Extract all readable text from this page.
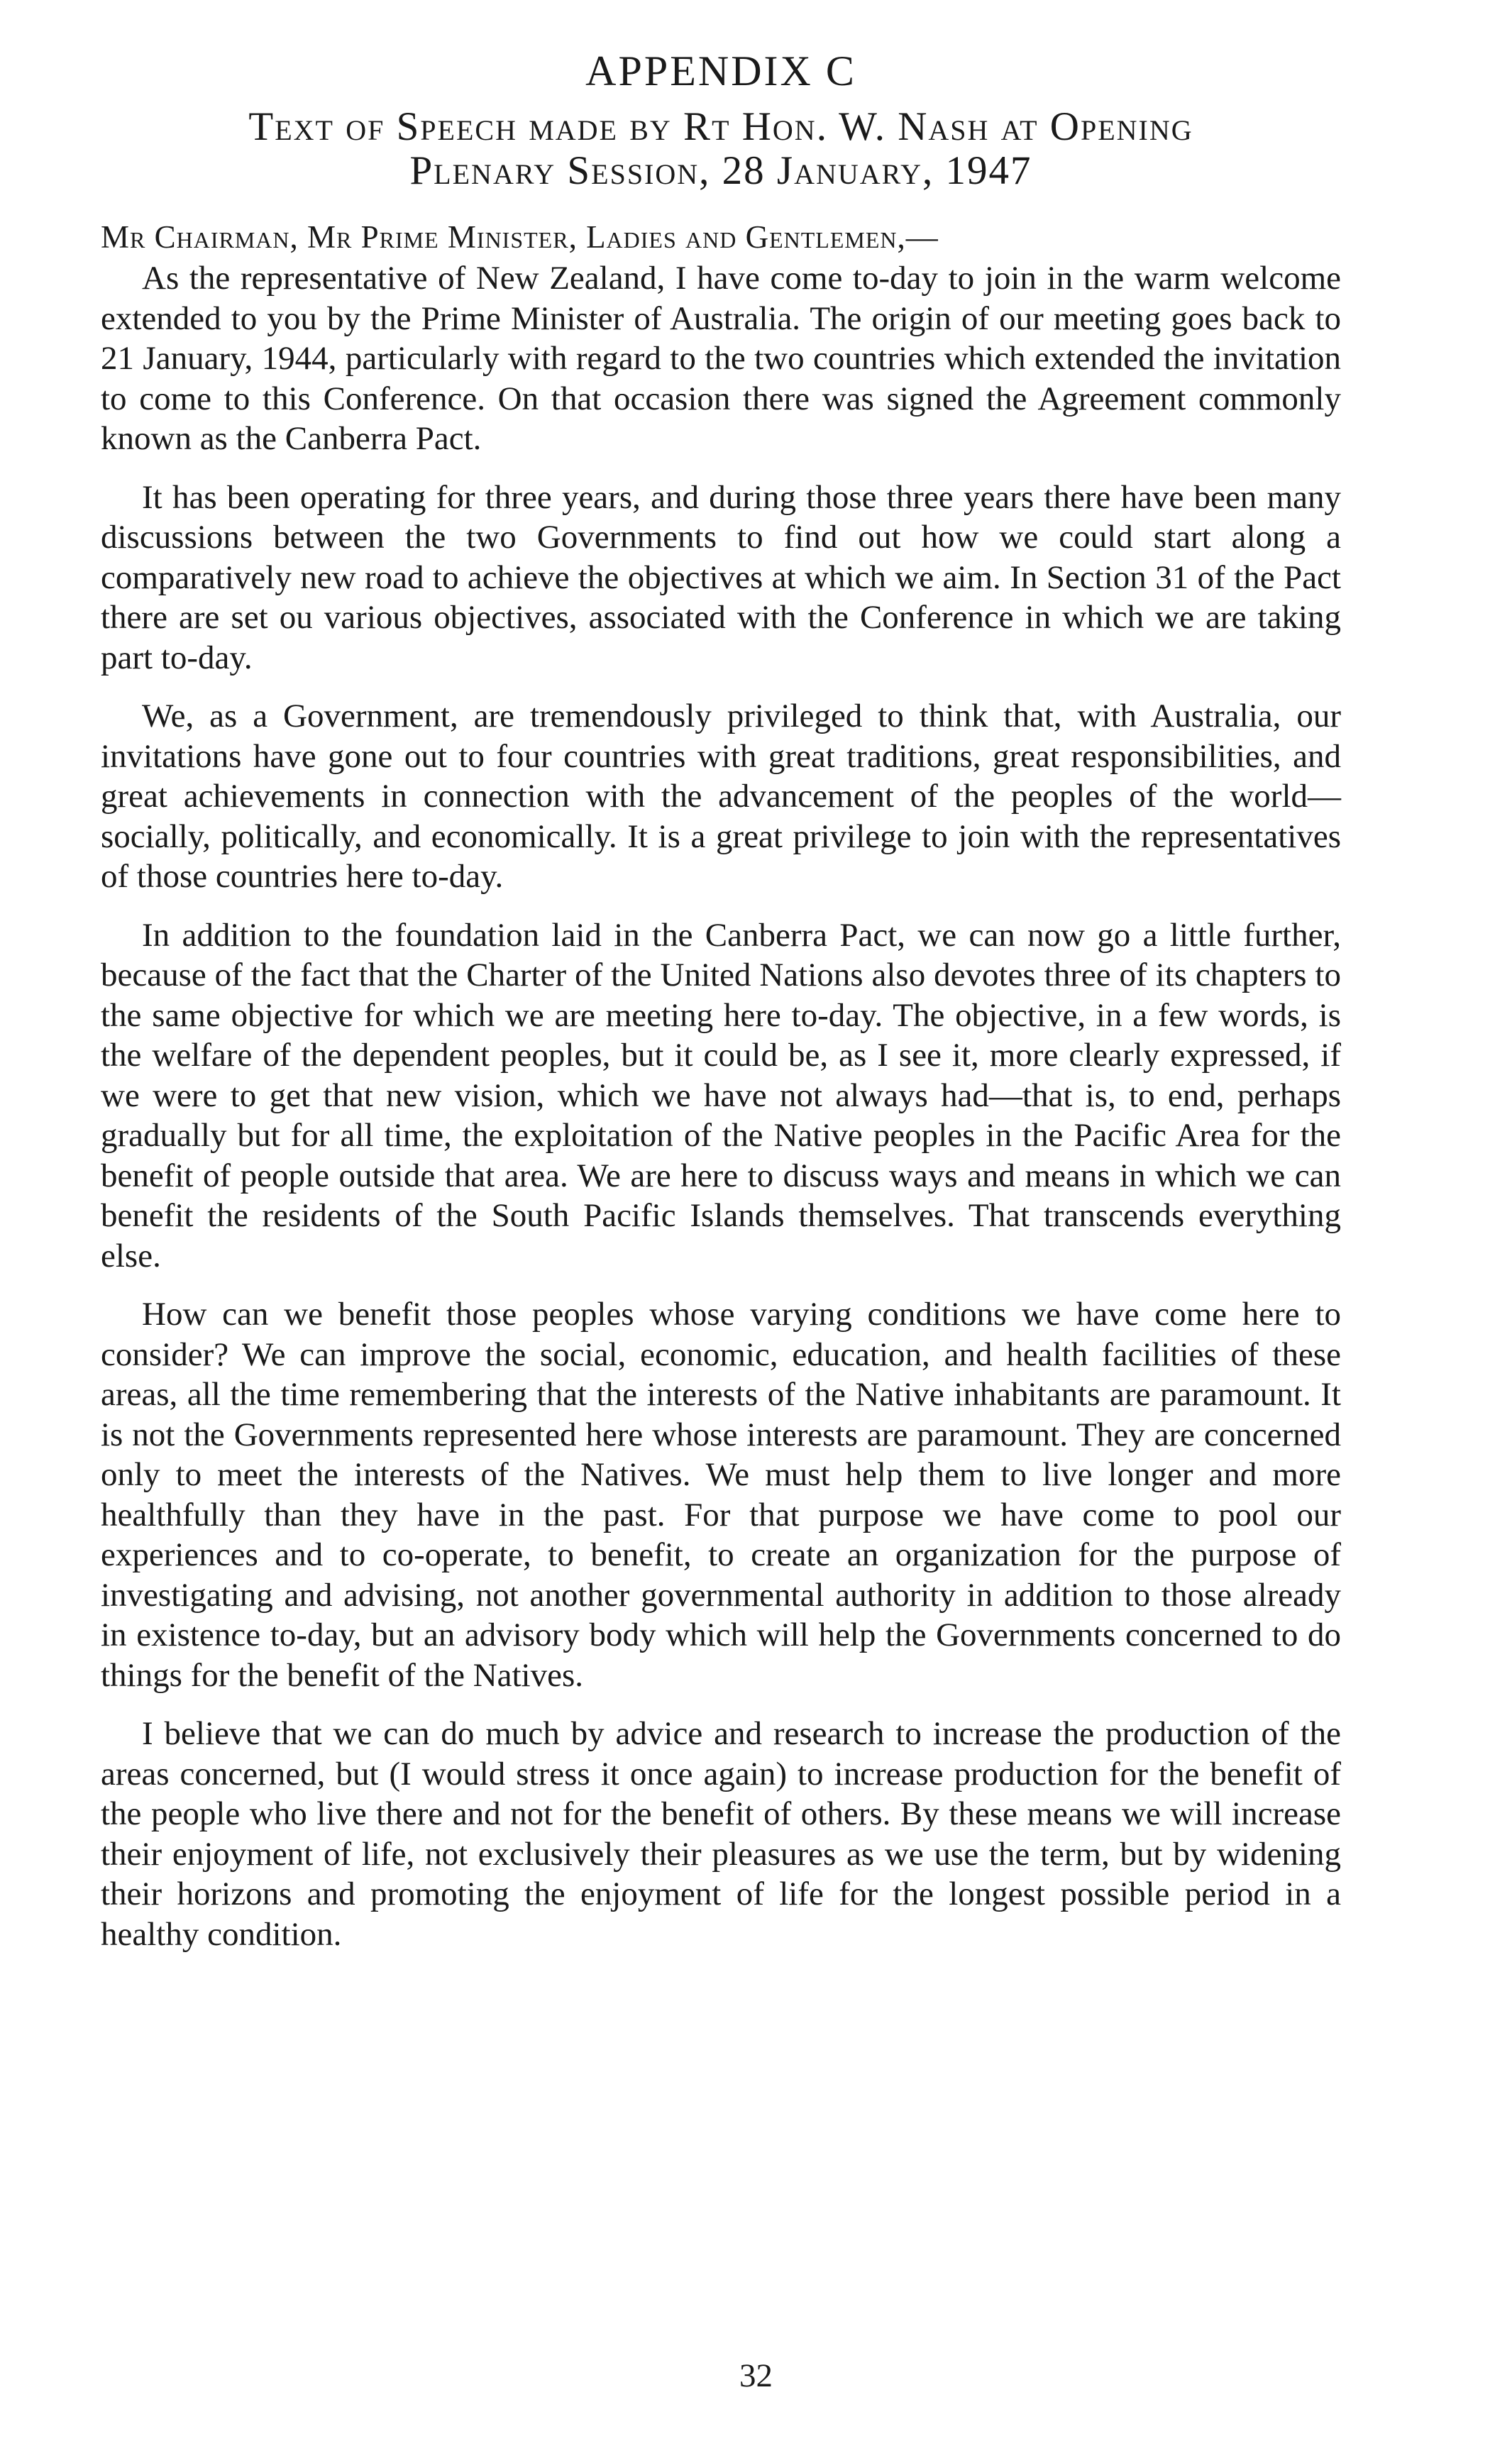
APPENDIX C
Text of Speech made by Rt Hon. W. Nash at Opening
Plenary Session, 28 January, 1947

Mr Chairman, Mr Prime Minister, Ladies and Gentlemen,—

As the representative of New Zealand, I have come to-day to join in the warm welcome extended to you by the Prime Minister of Australia. The origin of our meeting goes back to 21 January, 1944, particularly with regard to the two countries which extended the invitation to come to this Conference. On that occasion there was signed the Agreement commonly known as the Canberra Pact.

It has been operating for three years, and during those three years there have been many discussions between the two Governments to find out how we could start along a comparatively new road to achieve the objectives at which we aim. In Section 31 of the Pact there are set ou various objectives, associated with the Conference in which we are taking part to-day.

We, as a Government, are tremendously privileged to think that, with Australia, our invitations have gone out to four countries with great traditions, great responsibilities, and great achievements in connection with the advancement of the peoples of the world—socially, politically, and economically. It is a great privilege to join with the representatives of those countries here to-day.

In addition to the foundation laid in the Canberra Pact, we can now go a little further, because of the fact that the Charter of the United Nations also devotes three of its chapters to the same objective for which we are meeting here to-day. The objective, in a few words, is the welfare of the dependent peoples, but it could be, as I see it, more clearly expressed, if we were to get that new vision, which we have not always had—that is, to end, perhaps gradually but for all time, the exploitation of the Native peoples in the Pacific Area for the benefit of people outside that area. We are here to discuss ways and means in which we can benefit the residents of the South Pacific Islands themselves. That transcends everything else.

How can we benefit those peoples whose varying conditions we have come here to consider? We can improve the social, economic, education, and health facilities of these areas, all the time remembering that the interests of the Native inhabitants are paramount. It is not the Governments represented here whose interests are paramount. They are concerned only to meet the interests of the Natives. We must help them to live longer and more healthfully than they have in the past. For that purpose we have come to pool our experiences and to co-operate, to benefit, to create an organization for the purpose of investigating and advising, not another governmental authority in addition to those already in existence to-day, but an advisory body which will help the Governments concerned to do things for the benefit of the Natives.

I believe that we can do much by advice and research to increase the production of the areas concerned, but (I would stress it once again) to increase production for the benefit of the people who live there and not for the benefit of others. By these means we will increase their enjoyment of life, not exclusively their pleasures as we use the term, but by widening their horizons and promoting the enjoyment of life for the longest possible period in a healthy condition.

32
